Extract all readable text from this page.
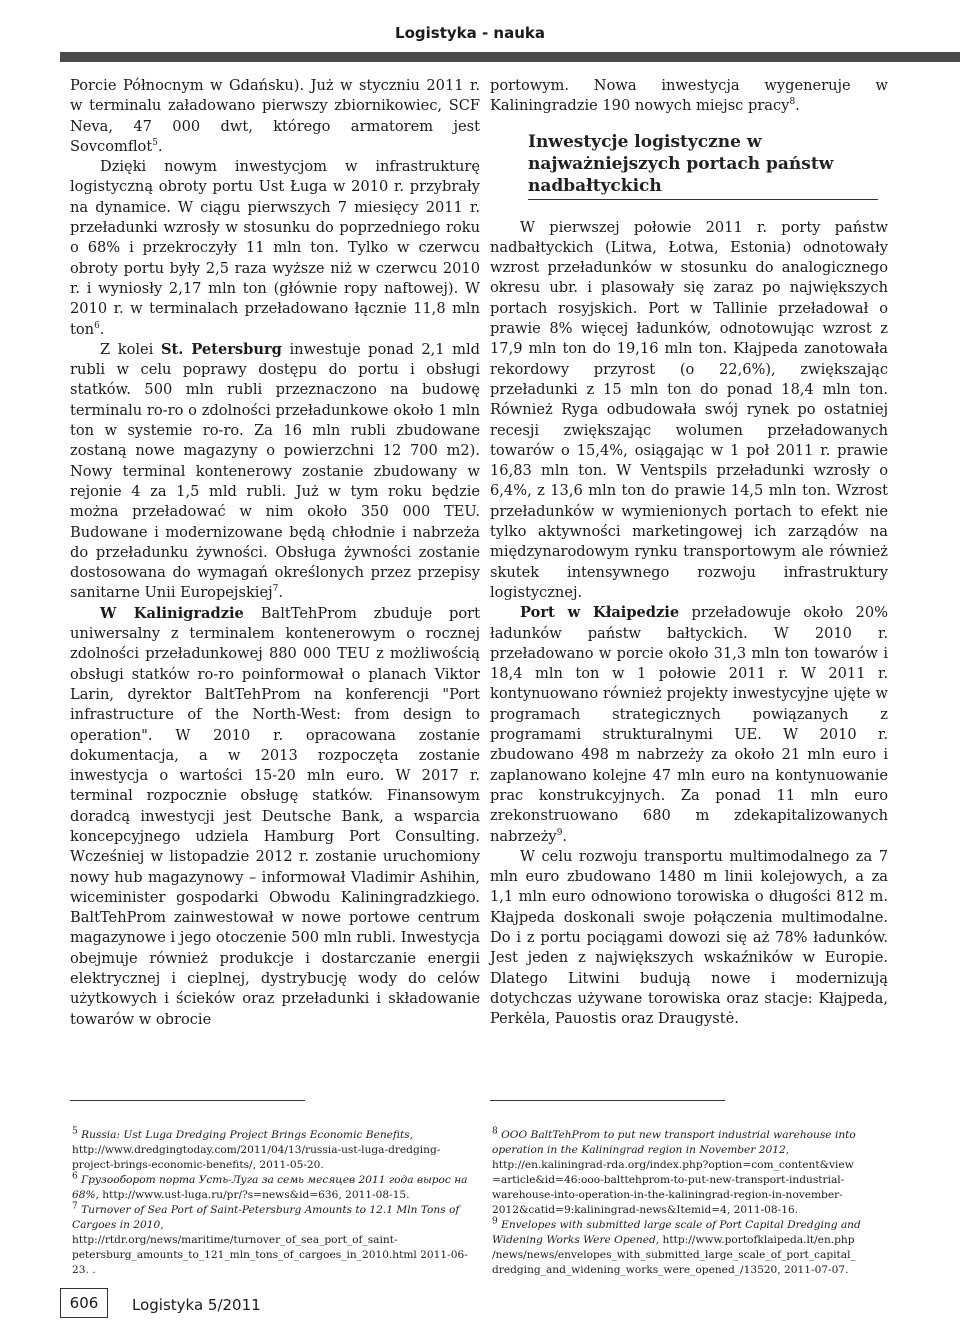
Logistyka - nauka

Porcie Północnym w Gdańsku). Już w styczniu 2011 r. w terminalu załadowano pierwszy zbiornikowiec, SCF Neva, 47 000 dwt, którego armatorem jest Sovcomflot$^5$.

Dzięki nowym inwestycjom w infrastrukturę logistyczną obroty portu Ust Ługa w 2010 r. przybrały na dynamice. W ciągu pierwszych 7 miesięcy 2011 r. przeładunki wzrosły w stosunku do poprzedniego roku o 68% i przekroczyły 11 mln ton. Tylko w czerwcu obroty portu były 2,5 raza wyższe niż w czerwcu 2010 r. i wyniosły 2,17 mln ton (głównie ropy naftowej). W 2010 r. w terminalach przeładowano łącznie 11,8 mln ton$^6$.

Z kolei St. Petersburg inwestuje ponad 2,1 mld rubli w celu poprawy dostępu do portu i obsługi statków. 500 mln rubli przeznaczono na budowę terminalu ro-ro o zdolności przeładunkowe około 1 mln ton w systemie ro-ro. Za 16 mln rubli zbudowane zostaną nowe magazyny o powierzchni 12 700 m2). Nowy terminal kontenerowy zostanie zbudowany w rejonie 4 za 1,5 mld rubli. Już w tym roku będzie można przeładować w nim około 350 000 TEU. Budowane i modernizowane będą chłodnie i nabrzeża do przeładunku żywności. Obsługa żywności zostanie dostosowana do wymagań określonych przez przepisy sanitarne Unii Europejskiej$^7$.

W Kalinigradzie BaltTehProm zbuduje port uniwersalny z terminalem kontenerowym o rocznej zdolności przeładunkowej 880 000 TEU z możliwością obsługi statków ro-ro poinformował o planach Viktor Larin, dyrektor BaltTehProm na konferencji "Port infrastructure of the North-West: from design to operation". W 2010 r. opracowana zostanie dokumentacja, a w 2013 rozpoczęta zostanie inwestycja o wartości 15-20 mln euro. W 2017 r. terminal rozpocznie obsługę statków. Finansowym doradcą inwestycji jest Deutsche Bank, a wsparcia koncepcyjnego udziela Hamburg Port Consulting. Wcześniej w listopadzie 2012 r. zostanie uruchomiony nowy hub magazynowy – informował Vladimir Ashihin, wiceminister gospodarki Obwodu Kaliningradzkiego. BaltTehProm zainwestował w nowe portowe centrum magazynowe i jego otoczenie 500 mln rubli. Inwestycja obejmuje również produkcje i dostarczanie energii elektrycznej i cieplnej, dystrybucję wody do celów użytkowych i ścieków oraz przeładunki i składowanie towarów w obrocie

portowym. Nowa inwestycja wygeneruje w Kaliningradzie 190 nowych miejsc pracy$^8$.

Inwestycje logistyczne w najważniejszych portach państw nadbałtyckich

W pierwszej połowie 2011 r. porty państw nadbałtyckich (Litwa, Łotwa, Estonia) odnotowały wzrost przeładunków w stosunku do analogicznego okresu ubr. i plasowały się zaraz po największych portach rosyjskich. Port w Tallinie przeładował o prawie 8% więcej ładunków, odnotowując wzrost z 17,9 mln ton do 19,16 mln ton. Kłajpeda zanotowała rekordowy przyrost (o 22,6%), zwiększając przeładunki z 15 mln ton do ponad 18,4 mln ton. Również Ryga odbudowała swój rynek po ostatniej recesji zwiększając wolumen przeładowanych towarów o 15,4%, osiągając w 1 poł 2011 r. prawie 16,83 mln ton. W Ventspils przeładunki wzrosły o 6,4%, z 13,6 mln ton do prawie 14,5 mln ton. Wzrost przeładunków w wymienionych portach to efekt nie tylko aktywności marketingowej ich zarządów na międzynarodowym rynku transportowym ale również skutek intensywnego rozwoju infrastruktury logistycznej.

Port w Kłaipedzie przeładowuje około 20% ładunków państw bałtyckich. W 2010 r. przeładowano w porcie około 31,3 mln ton towarów i 18,4 mln ton w 1 połowie 2011 r. W 2011 r. kontynuowano również projekty inwestycyjne ujęte w programach strategicznych powiązanych z programami strukturalnymi UE. W 2010 r. zbudowano 498 m nabrzeży za około 21 mln euro i zaplanowano kolejne 47 mln euro na kontynuowanie prac konstrukcyjnych. Za ponad 11 mln euro zrekonstruowano 680 m zdekapitalizowanych nabrzeży$^9$.

W celu rozwoju transportu multimodalnego za 7 mln euro zbudowano 1480 m linii kolejowych, a za 1,1 mln euro odnowiono torowiska o długości 812 m. Kłajpeda doskonali swoje połączenia multimodalne. Do i z portu pociągami dowozi się aż 78% ładunków. Jest jeden z największych wskaźników w Europie. Dlatego Litwini budują nowe i modernizują dotychczas używane torowiska oraz stacje: Kłajpeda, Perkėla, Pauostis oraz Draugystė.

$^5$ Russia: Ust Luga Dredging Project Brings Economic Benefits, http://www.dredgingtoday.com/2011/04/13/russia-ust-luga-dredging-project-brings-economic-benefits/, 2011-05-20.

$^6$ Грузооборот порта Усть-Луга за семь месяцев 2011 года вырос на 68%, http://www.ust-luga.ru/pr/?s=news&id=636, 2011-08-15.

$^7$ Turnover of Sea Port of Saint-Petersburg Amounts to 12.1 Mln Tons of Cargoes in 2010, http://rtdr.org/news/maritime/turnover_of_sea_port_of_saint-petersburg_amounts_to_121_mln_tons_of_cargoes_in_2010.html 2011-06-23. .

$^8$ OOO BaltTehProm to put new transport industrial warehouse into operation in the Kaliningrad region in November 2012, http://en.kaliningrad-rda.org/index.php?option=com_content&view =article&id=46:ooo-balttehprom-to-put-new-transport-industrial-warehouse-into-operation-in-the-kaliningrad-region-in-november-2012&catid=9:kaliningrad-news&Itemid=4, 2011-08-16.

$^9$ Envelopes with submitted large scale of Port Capital Dredging and Widening Works Were Opened, http://www.portofklaipeda.lt/en.php /news/news/envelopes_with_submitted_large_scale_of_port_capital_ dredging_and_widening_works_were_opened_/13520, 2011-07-07.

606	Logistyka 5/2011
